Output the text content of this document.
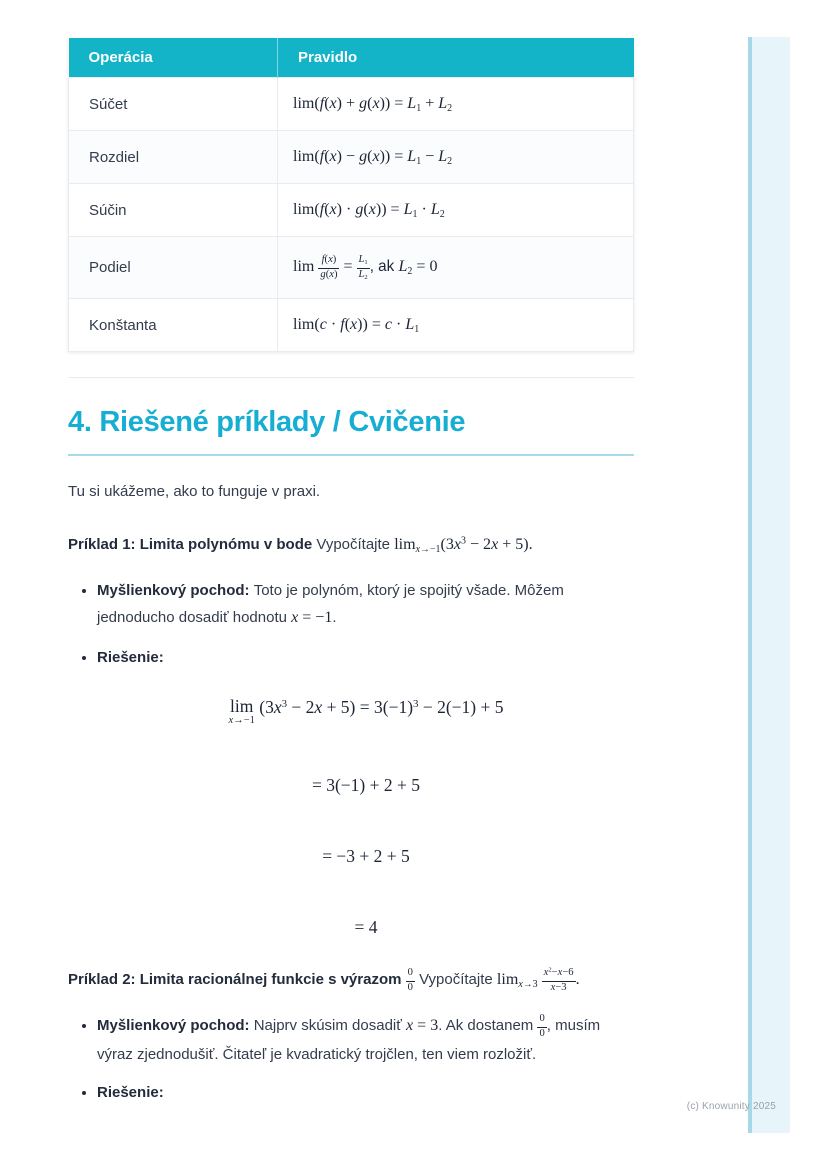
Operácia	Pravidlo
Súčet	$\lim(f(x) + g(x)) = L_1 + L_2$
Rozdiel	$\lim(f(x) - g(x)) = L_1 - L_2$
Súčin	$\lim(f(x) \cdot g(x)) = L_1 \cdot L_2$
Podiel	$\lim \frac{f(x)}{g(x)} = \frac{L_1}{L_2}$ , ak $L_2 = 0$
Konštanta	$\lim(c \cdot f(x)) = c \cdot L_1$
4. Riešené príklady / Cvičenie

Tu si ukážeme, ako to funguje v praxi.

Príklad 1: Limita polynómu v bode Vypočítajte $\lim_{x\to-1}(3x^3 - 2x + 5)$.

• Myšlienkový pochod: Toto je polynóm, ktorý je spojitý všade. Môžem jednoducho dosadiť hodnotu x = −1.
• Riešenie:
lim
x→−1
$(3x^3 - 2x + 5) = 3(-1)^3 - 2(-1) + 5$
= 3(−1) + 2 + 5
= −3 + 2 + 5
= 4

Príklad 2: Limita racionálnej funkcie s výrazom $\frac{0}{0}$ Vypočítajte $\lim_{x\to 3} \frac{x^2-x-6}{x-3}$ .

• Myšlienkový pochod: Najprv skúsim dosadiť x = 3. Ak dostanem $\frac{0}{0}$ , musím výraz zjednodušiť. Čitateľ je kvadratický trojčlen, ten viem rozložiť.
• Riešenie:
(c) Knowunity 2025
